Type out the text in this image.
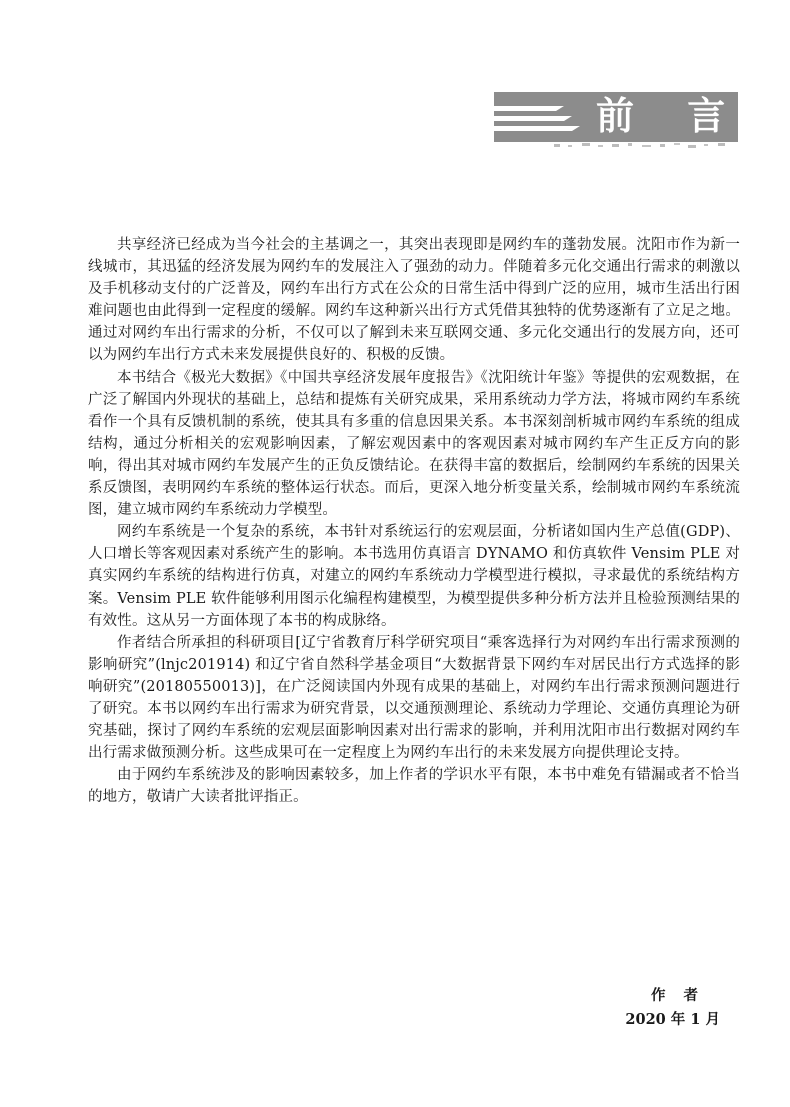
前 言

共享经济已经成为当今社会的主基调之一，其突出表现即是网约车的蓬勃发展。沈阳市作为新一线城市，其迅猛的经济发展为网约车的发展注入了强劲的动力。伴随着多元化交通出行需求的刺激以及手机移动支付的广泛普及，网约车出行方式在公众的日常生活中得到广泛的应用，城市生活出行困难问题也由此得到一定程度的缓解。网约车这种新兴出行方式凭借其独特的优势逐渐有了立足之地。通过对网约车出行需求的分析，不仅可以了解到未来互联网交通、多元化交通出行的发展方向，还可以为网约车出行方式未来发展提供良好的、积极的反馈。

本书结合《极光大数据》《中国共享经济发展年度报告》《沈阳统计年鉴》等提供的宏观数据，在广泛了解国内外现状的基础上，总结和提炼有关研究成果，采用系统动力学方法，将城市网约车系统看作一个具有反馈机制的系统，使其具有多重的信息因果关系。本书深刻剖析城市网约车系统的组成结构，通过分析相关的宏观影响因素，了解宏观因素中的客观因素对城市网约车产生正反方向的影响，得出其对城市网约车发展产生的正负反馈结论。在获得丰富的数据后，绘制网约车系统的因果关系反馈图，表明网约车系统的整体运行状态。而后，更深入地分析变量关系，绘制城市网约车系统流图，建立城市网约车系统动力学模型。

网约车系统是一个复杂的系统，本书针对系统运行的宏观层面，分析诸如国内生产总值(GDP)、人口增长等客观因素对系统产生的影响。本书选用仿真语言 DYNAMO 和仿真软件 Vensim PLE 对真实网约车系统的结构进行仿真，对建立的网约车系统动力学模型进行模拟，寻求最优的系统结构方案。Vensim PLE 软件能够利用图示化编程构建模型，为模型提供多种分析方法并且检验预测结果的有效性。这从另一方面体现了本书的构成脉络。

作者结合所承担的科研项目[辽宁省教育厅科学研究项目“乘客选择行为对网约车出行需求预测的影响研究”(lnjc201914) 和辽宁省自然科学基金项目“大数据背景下网约车对居民出行方式选择的影响研究”(20180550013)]，在广泛阅读国内外现有成果的基础上，对网约车出行需求预测问题进行了研究。本书以网约车出行需求为研究背景，以交通预测理论、系统动力学理论、交通仿真理论为研究基础，探讨了网约车系统的宏观层面影响因素对出行需求的影响，并利用沈阳市出行数据对网约车出行需求做预测分析。这些成果可在一定程度上为网约车出行的未来发展方向提供理论支持。

由于网约车系统涉及的影响因素较多，加上作者的学识水平有限，本书中难免有错漏或者不恰当的地方，敬请广大读者批评指正。

作者
2020 年 1 月
